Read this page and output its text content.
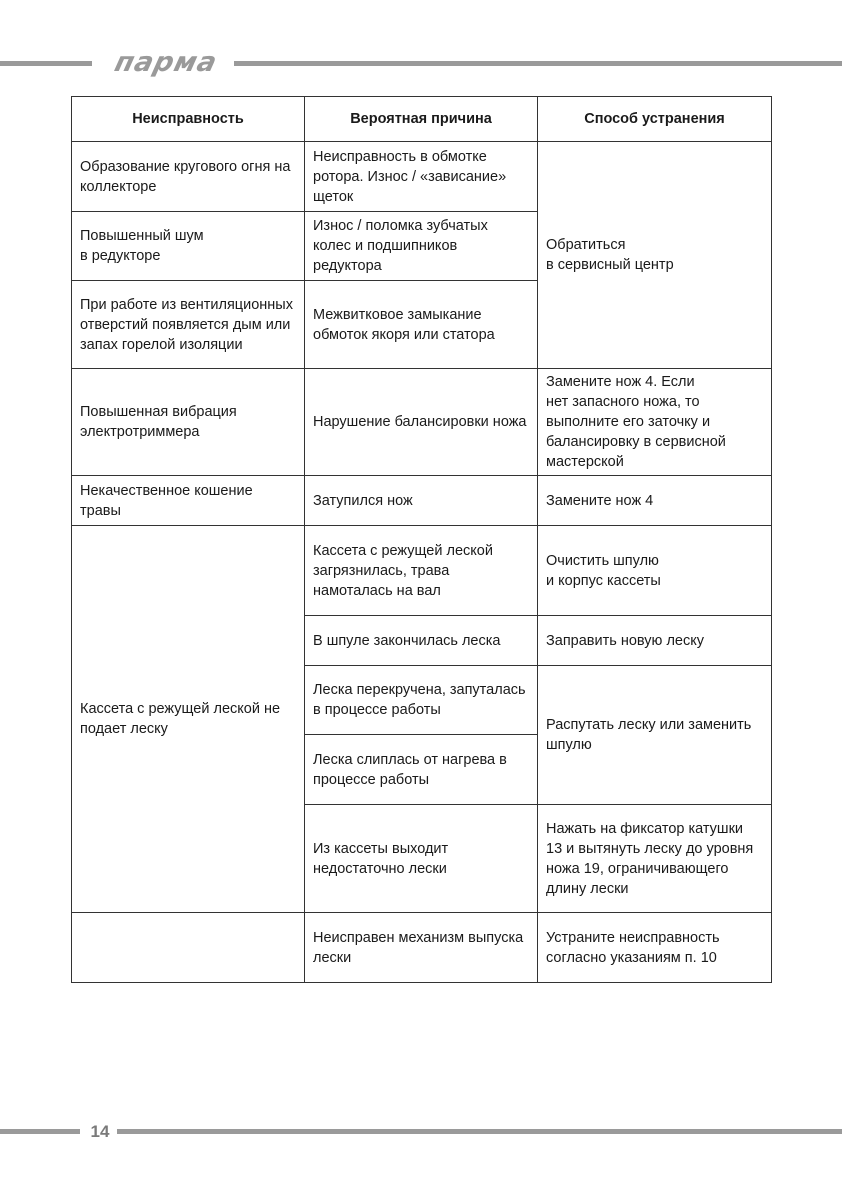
парма
Неисправность	Вероятная причина	Способ устранения
Образование кругового огня на коллекторе	Неисправность в обмотке ротора. Износ / «зависание» щеток	Обратиться
в сервисный центр
Повышенный шум
в редукторе	Износ / поломка зубчатых колес и подшипников редуктора	
При работе из вентиляционных отверстий появляется дым или запах горелой изоляции	Межвитковое замыкание обмоток якоря или статора	
Повышенная вибрация электротриммера	Нарушение балансировки ножа	Замените нож 4. Если
нет запасного ножа, то выполните его заточку и балансировку в сервисной мастерской
Некачественное кошение травы	Затупился нож	Замените нож 4
Кассета с режущей леской не подает леску	Кассета с режущей леской загрязнилась, трава намоталась на вал	Очистить шпулю
и корпус кассеты
	В шпуле закончилась леска	Заправить новую леску
	Леска перекручена, запуталась в процессе работы	Распутать леску или заменить шпулю
	Леска слиплась от нагрева в процессе работы	
	Из кассеты выходит недостаточно лески	Нажать на фиксатор катушки 13 и вытянуть леску до уровня ножа 19, ограничивающего длину лески
	Неисправен механизм выпуска лески	Устраните неисправность согласно указаниям п. 10
14
